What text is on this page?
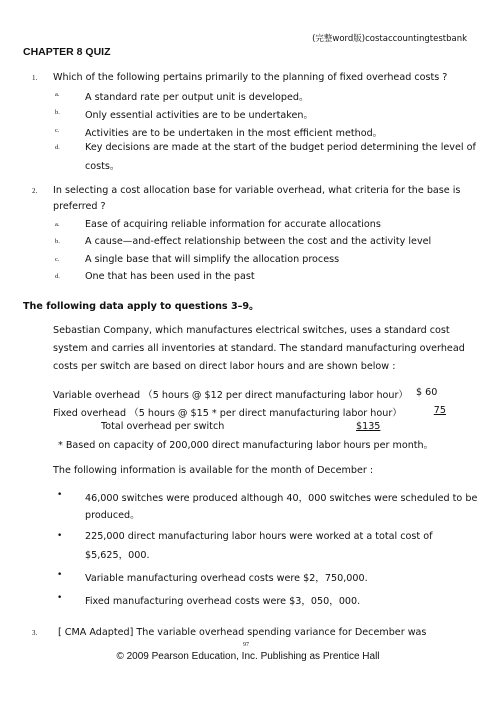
(完整word版)costaccountingtestbank
CHAPTER 8 QUIZ
1. Which of the following pertains primarily to the planning of fixed overhead costs ?
a.	A standard rate per output unit is developed。
b.	Only essential activities are to be undertaken。
c.	Activities are to be undertaken in the most efficient method。
d.	Key decisions are made at the start of the budget period determining the level of
costs。
2. In selecting a cost allocation base for variable overhead, what criteria for the base is
preferred ?
a.	Ease of acquiring reliable information for accurate allocations
b.	A cause—and-effect relationship between the cost and the activity level
c.	A single base that will simplify the allocation process
d.	One that has been used in the past
The following data apply to questions 3–9。
Sebastian Company, which manufactures electrical switches, uses a standard cost
system and carries all inventories at standard. The standard manufacturing overhead
costs per switch are based on direct labor hours and are shown below :
Variable overhead （5 hours @ $12 per direct manufacturing labor hour） $ 60
Fixed overhead （5 hours @ $15 * per direct manufacturing labor hour）	75
Total overhead per switch	$135
* Based on capacity of 200,000 direct manufacturing labor hours per month。
The following information is available for the month of December :
• 46,000 switches were produced although 40，000 switches were scheduled to be
produced。
• 225,000 direct manufacturing labor hours were worked at a total cost of
$5,625，000.
• Variable manufacturing overhead costs were $2，750,000.
• Fixed manufacturing overhead costs were $3，050，000.
3. [ CMA Adapted] The variable overhead spending variance for December was
97
© 2009 Pearson Education, Inc. Publishing as Prentice Hall
